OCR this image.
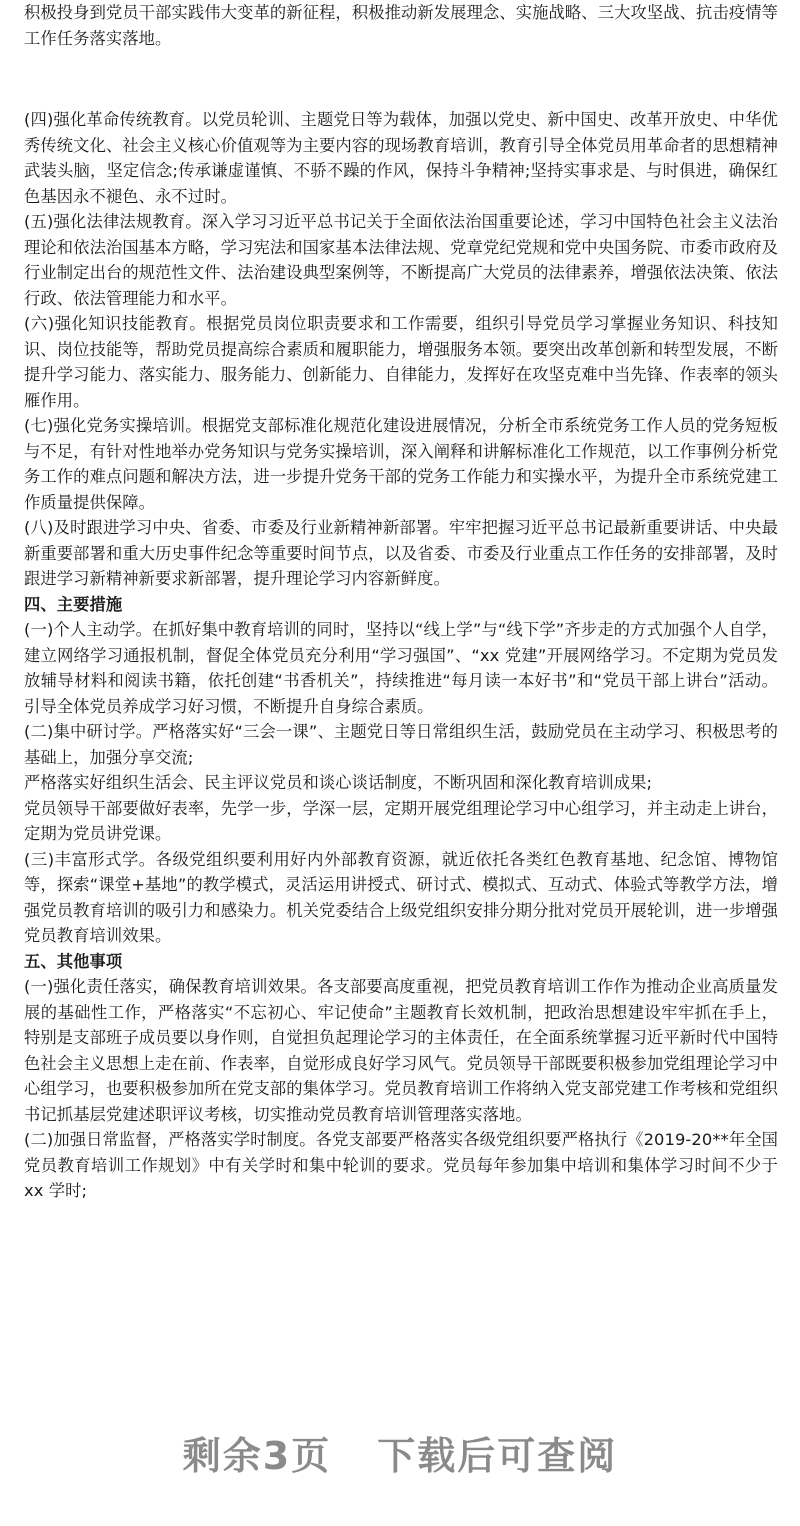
积极投身到党员干部实践伟大变革的新征程，积极推动新发展理念、实施战略、三大攻坚战、抗击疫情等工作任务落实落地。

(四)强化革命传统教育。以党员轮训、主题党日等为载体，加强以党史、新中国史、改革开放史、中华优秀传统文化、社会主义核心价值观等为主要内容的现场教育培训，教育引导全体党员用革命者的思想精神武装头脑，坚定信念;传承谦虚谨慎、不骄不躁的作风，保持斗争精神;坚持实事求是、与时俱进，确保红色基因永不褪色、永不过时。

(五)强化法律法规教育。深入学习习近平总书记关于全面依法治国重要论述，学习中国特色社会主义法治理论和依法治国基本方略，学习宪法和国家基本法律法规、党章党纪党规和党中央国务院、市委市政府及行业制定出台的规范性文件、法治建设典型案例等，不断提高广大党员的法律素养，增强依法决策、依法行政、依法管理能力和水平。

(六)强化知识技能教育。根据党员岗位职责要求和工作需要，组织引导党员学习掌握业务知识、科技知识、岗位技能等，帮助党员提高综合素质和履职能力，增强服务本领。要突出改革创新和转型发展，不断提升学习能力、落实能力、服务能力、创新能力、自律能力，发挥好在攻坚克难中当先锋、作表率的领头雁作用。

(七)强化党务实操培训。根据党支部标准化规范化建设进展情况，分析全市系统党务工作人员的党务短板与不足，有针对性地举办党务知识与党务实操培训，深入阐释和讲解标准化工作规范，以工作事例分析党务工作的难点问题和解决方法，进一步提升党务干部的党务工作能力和实操水平，为提升全市系统党建工作质量提供保障。

(八)及时跟进学习中央、省委、市委及行业新精神新部署。牢牢把握习近平总书记最新重要讲话、中央最新重要部署和重大历史事件纪念等重要时间节点，以及省委、市委及行业重点工作任务的安排部署，及时跟进学习新精神新要求新部署，提升理论学习内容新鲜度。

四、主要措施

(一)个人主动学。在抓好集中教育培训的同时，坚持以“线上学”与“线下学”齐步走的方式加强个人自学，建立网络学习通报机制，督促全体党员充分利用“学习强国”、“xx 党建”开展网络学习。不定期为党员发放辅导材料和阅读书籍，依托创建“书香机关”，持续推进“每月读一本好书”和“党员干部上讲台”活动。引导全体党员养成学习好习惯，不断提升自身综合素质。

(二)集中研讨学。严格落实好“三会一课”、主题党日等日常组织生活，鼓励党员在主动学习、积极思考的基础上，加强分享交流;

严格落实好组织生活会、民主评议党员和谈心谈话制度，不断巩固和深化教育培训成果;

党员领导干部要做好表率，先学一步，学深一层，定期开展党组理论学习中心组学习，并主动走上讲台，定期为党员讲党课。

(三)丰富形式学。各级党组织要利用好内外部教育资源，就近依托各类红色教育基地、纪念馆、博物馆等，探索“课堂+基地”的教学模式，灵活运用讲授式、研讨式、模拟式、互动式、体验式等教学方法，增强党员教育培训的吸引力和感染力。机关党委结合上级党组织安排分期分批对党员开展轮训，进一步增强党员教育培训效果。

五、其他事项

(一)强化责任落实，确保教育培训效果。各支部要高度重视，把党员教育培训工作作为推动企业高质量发展的基础性工作，严格落实“不忘初心、牢记使命”主题教育长效机制，把政治思想建设牢牢抓在手上，特别是支部班子成员要以身作则，自觉担负起理论学习的主体责任，在全面系统掌握习近平新时代中国特色社会主义思想上走在前、作表率，自觉形成良好学习风气。党员领导干部既要积极参加党组理论学习中心组学习，也要积极参加所在党支部的集体学习。党员教育培训工作将纳入党支部党建工作考核和党组织书记抓基层党建述职评议考核，切实推动党员教育培训管理落实落地。

(二)加强日常监督，严格落实学时制度。各党支部要严格落实各级党组织要严格执行《2019-20**年全国党员教育培训工作规划》中有关学时和集中轮训的要求。党员每年参加集中培训和集体学习时间不少于 xx 学时;

剩余3页 下载后可查阅
